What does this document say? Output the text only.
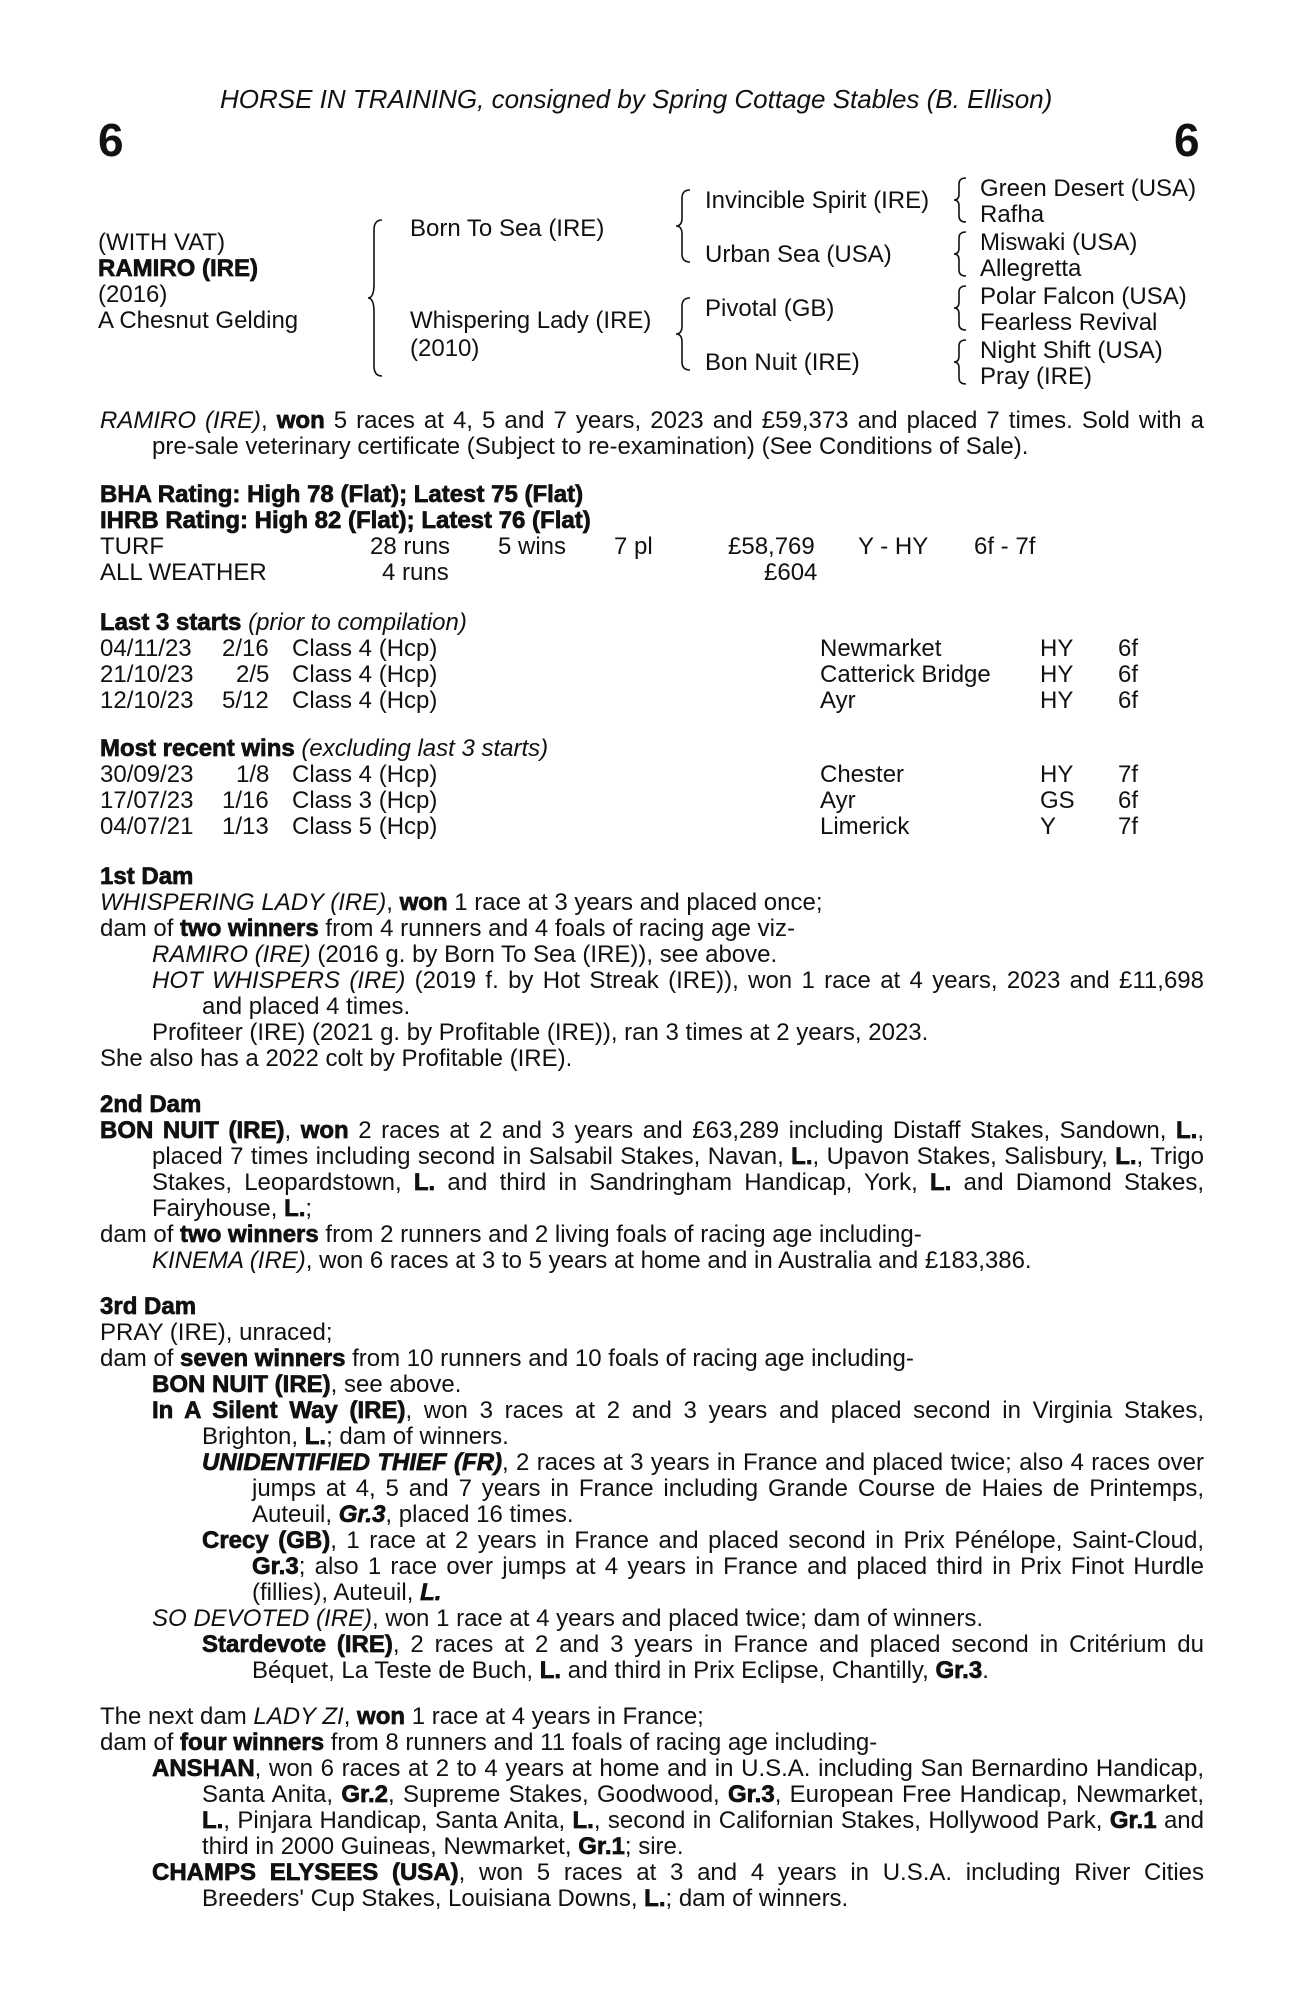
HORSE IN TRAINING, consigned by Spring Cottage Stables (B. Ellison)
6	6
(WITH VAT)
RAMIRO (IRE)
(2016)
A Chesnut Gelding
Born To Sea (IRE)
Whispering Lady (IRE)
(2010)
Invincible Spirit (IRE)
Urban Sea (USA)
Pivotal (GB)
Bon Nuit (IRE)
Green Desert (USA)
Rafha
Miswaki (USA)
Allegretta
Polar Falcon (USA)
Fearless Revival
Night Shift (USA)
Pray (IRE)
RAMIRO (IRE), won 5 races at 4, 5 and 7 years, 2023 and £59,373 and placed 7 times. Sold with a pre-sale veterinary certificate (Subject to re-examination) (See Conditions of Sale).
BHA Rating: High 78 (Flat); Latest 75 (Flat)
IHRB Rating: High 82 (Flat); Latest 76 (Flat)
TURF	28 runs 5 wins 7 pl	£58,769 Y - HY 6f - 7f
ALL WEATHER	4 runs	£604
Last 3 starts (prior to compilation)
04/11/23 2/16 Class 4 (Hcp)	Newmarket	HY 6f
21/10/23 2/5 Class 4 (Hcp)	Catterick Bridge HY 6f
12/10/23 5/12 Class 4 (Hcp)	Ayr	HY 6f
Most recent wins (excluding last 3 starts)
30/09/23 1/8 Class 4 (Hcp)	Chester	HY 7f
17/07/23 1/16 Class 3 (Hcp)	Ayr	GS 6f
04/07/21 1/13 Class 5 (Hcp)	Limerick	Y	7f
1st Dam
WHISPERING LADY (IRE), won 1 race at 3 years and placed once;
dam of two winners from 4 runners and 4 foals of racing age viz-
RAMIRO (IRE) (2016 g. by Born To Sea (IRE)), see above.
HOT WHISPERS (IRE) (2019 f. by Hot Streak (IRE)), won 1 race at 4 years, 2023 and £11,698 and placed 4 times.
Profiteer (IRE) (2021 g. by Profitable (IRE)), ran 3 times at 2 years, 2023.
She also has a 2022 colt by Profitable (IRE).
2nd Dam
BON NUIT (IRE), won 2 races at 2 and 3 years and £63,289 including Distaff Stakes, Sandown, L., placed 7 times including second in Salsabil Stakes, Navan, L., Upavon Stakes, Salisbury, L., Trigo Stakes, Leopardstown, L. and third in Sandringham Handicap, York, L. and Diamond Stakes, Fairyhouse, L.;
dam of two winners from 2 runners and 2 living foals of racing age including-
KINEMA (IRE), won 6 races at 3 to 5 years at home and in Australia and £183,386.
3rd Dam
PRAY (IRE), unraced;
dam of seven winners from 10 runners and 10 foals of racing age including-
BON NUIT (IRE), see above.
In A Silent Way (IRE), won 3 races at 2 and 3 years and placed second in Virginia Stakes, Brighton, L.; dam of winners.
UNIDENTIFIED THIEF (FR), 2 races at 3 years in France and placed twice; also 4 races over jumps at 4, 5 and 7 years in France including Grande Course de Haies de Printemps, Auteuil, Gr.3, placed 16 times.
Crecy (GB), 1 race at 2 years in France and placed second in Prix Pénélope, Saint-Cloud, Gr.3; also 1 race over jumps at 4 years in France and placed third in Prix Finot Hurdle (fillies), Auteuil, L.
SO DEVOTED (IRE), won 1 race at 4 years and placed twice; dam of winners.
Stardevote (IRE), 2 races at 2 and 3 years in France and placed second in Critérium du Béquet, La Teste de Buch, L. and third in Prix Eclipse, Chantilly, Gr.3.
The next dam LADY ZI, won 1 race at 4 years in France;
dam of four winners from 8 runners and 11 foals of racing age including-
ANSHAN, won 6 races at 2 to 4 years at home and in U.S.A. including San Bernardino Handicap, Santa Anita, Gr.2, Supreme Stakes, Goodwood, Gr.3, European Free Handicap, Newmarket, L., Pinjara Handicap, Santa Anita, L., second in Californian Stakes, Hollywood Park, Gr.1 and third in 2000 Guineas, Newmarket, Gr.1; sire.
CHAMPS ELYSEES (USA), won 5 races at 3 and 4 years in U.S.A. including River Cities Breeders' Cup Stakes, Louisiana Downs, L.; dam of winners.
